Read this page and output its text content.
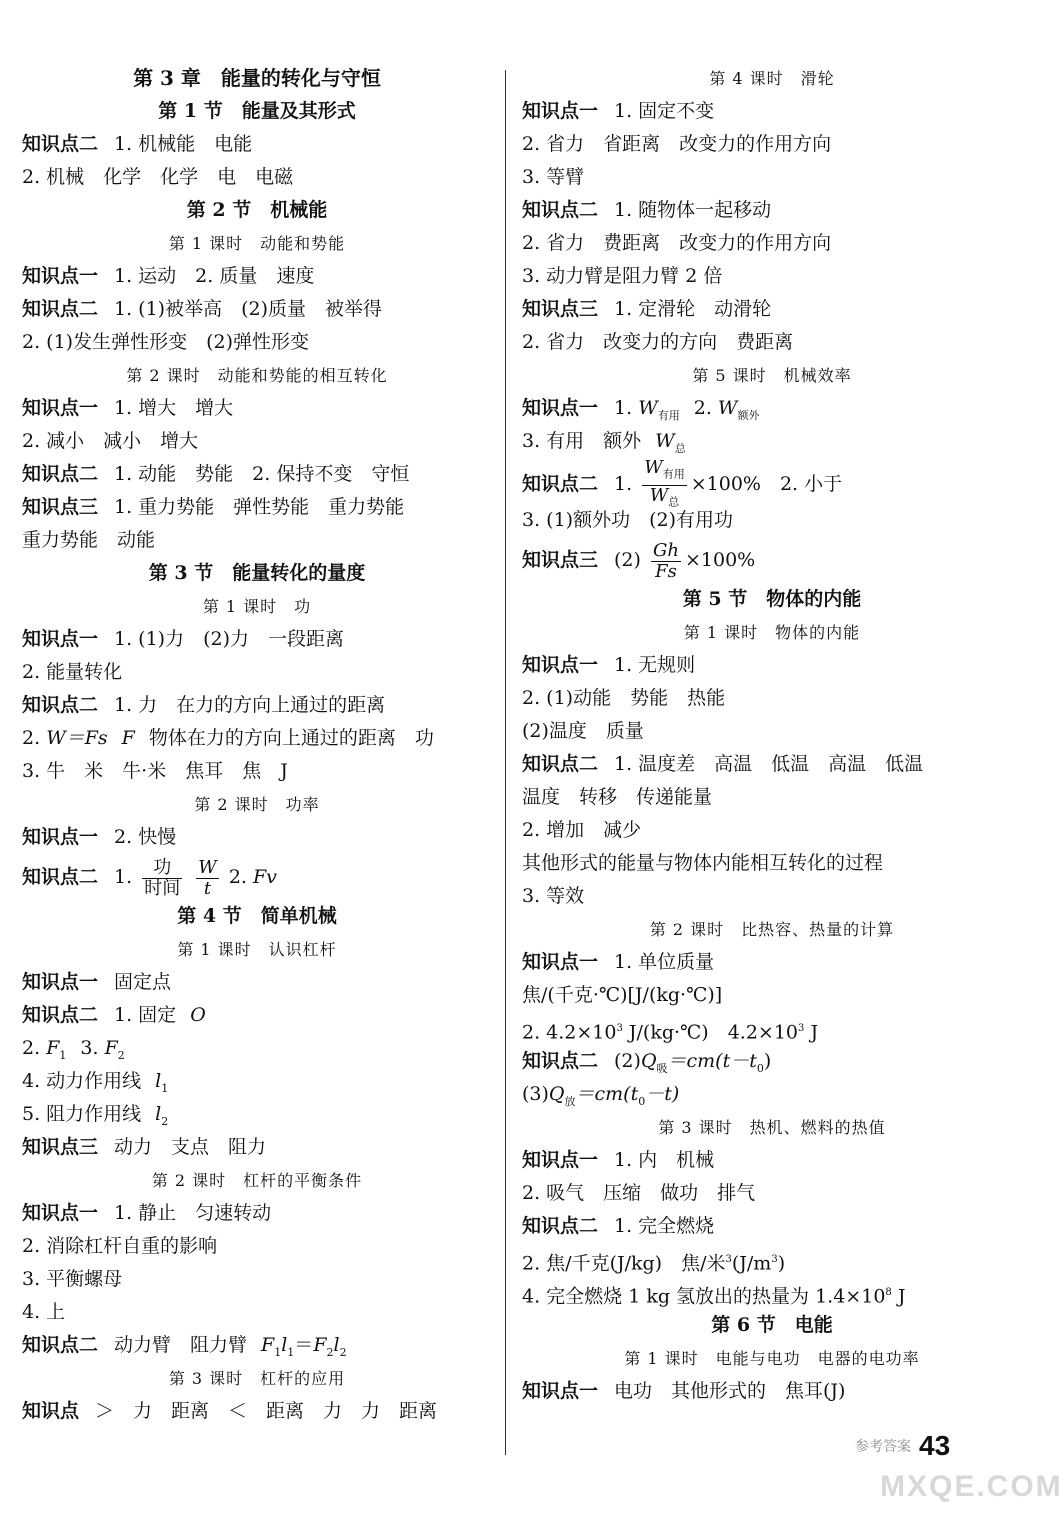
第 3 章　能量的转化与守恒
第 1 节　能量及其形式
知识点二 1. 机械能　电能
2. 机械　化学　化学　电　电磁
第 2 节　机械能
第 1 课时　动能和势能
知识点一 1. 运动　2. 质量　速度
知识点二 1. (1)被举高　(2)质量　被举得
2. (1)发生弹性形变　(2)弹性形变
第 2 课时　动能和势能的相互转化
知识点一 1. 增大　增大
2. 减小　减小　增大
知识点二 1. 动能　势能　2. 保持不变　守恒
知识点三 1. 重力势能　弹性势能　重力势能
重力势能　动能
第 3 节　能量转化的量度
第 1 课时　功
知识点一 1. (1)力　(2)力　一段距离
2. 能量转化
知识点二 1. 力　在力的方向上通过的距离
2. W＝Fs F 物体在力的方向上通过的距离　功
3. 牛　米　牛·米　焦耳　焦　J
第 2 课时　功率
知识点一 2. 快慢
知识点二 1. $\frac{\text{功}}{\text{时间}}$
$\frac{W}{t} 2$. Fv
第 4 节　简单机械
第 1 课时　认识杠杆
知识点一 固定点
知识点二 1. 固定 O
2. $F_1$ 3. $F_2$
4. 动力作用线 $l_1$
5. 阻力作用线 $l_2$
知识点三 动力　支点　阻力
第 2 课时　杠杆的平衡条件
知识点一 1. 静止　匀速转动
2. 消除杠杆自重的影响
3. 平衡螺母
4. 上
知识点二 动力臂　阻力臂 $F_1l_1=F_2l_2$
第 3 课时　杠杆的应用
知识点 ＞　力　距离　＜　距离　力　力　距离
第 4 课时　滑轮
知识点一 1. 固定不变
2. 省力　省距离　改变力的作用方向
3. 等臂
知识点二 1. 随物体一起移动
2. 省力　费距离　改变力的作用方向
3. 动力臂是阻力臂 2 倍
知识点三 1. 定滑轮　动滑轮
2. 省力　改变力的方向　费距离
第 5 课时　机械效率
知识点一 1. $W_{有用}$ 2. $W_{额外}$
3. 有用　额外 $W_总$
知识点二 1. $\frac{W_{有用}}{W_总} \times 100\%$　2. 小于
3. (1)额外功　(2)有用功
知识点三 $(2) \frac{Gh}{Fs} \times 100\%$
第 5 节　物体的内能
第 1 课时　物体的内能
知识点一 1. 无规则
2. (1)动能　势能　热能
(2)温度　质量
知识点二 1. 温度差　高温　低温　高温　低温
温度　转移　传递能量
2. 增加　减少
其他形式的能量与物体内能相互转化的过程
3. 等效
第 2 课时　比热容、热量的计算
知识点一 1. 单位质量
焦/(千克·℃)[J/(kg·℃)]
2. $4.2\times 10^3$ J/(kg·℃)　$4.2\times 10^3$ J
知识点二 $(2)Q_吸=cm(t-t_0)$
$(3)Q_放=cm(t_0-t)$
第 3 课时　热机、燃料的热值
知识点一 1. 内　机械
2. 吸气　压缩　做功　排气
知识点二 1. 完全燃烧
2. 焦/千克(J/kg)　焦/米$^3(J/m^3)$
4. 完全燃烧 1 kg 氢放出的热量为 $1.4\times 10^8$ J
第 6 节　电能
第 1 课时　电能与电功　电器的电功率
知识点一 电功　其他形式的　焦耳(J)
参考答案 43
MXQE.COM
